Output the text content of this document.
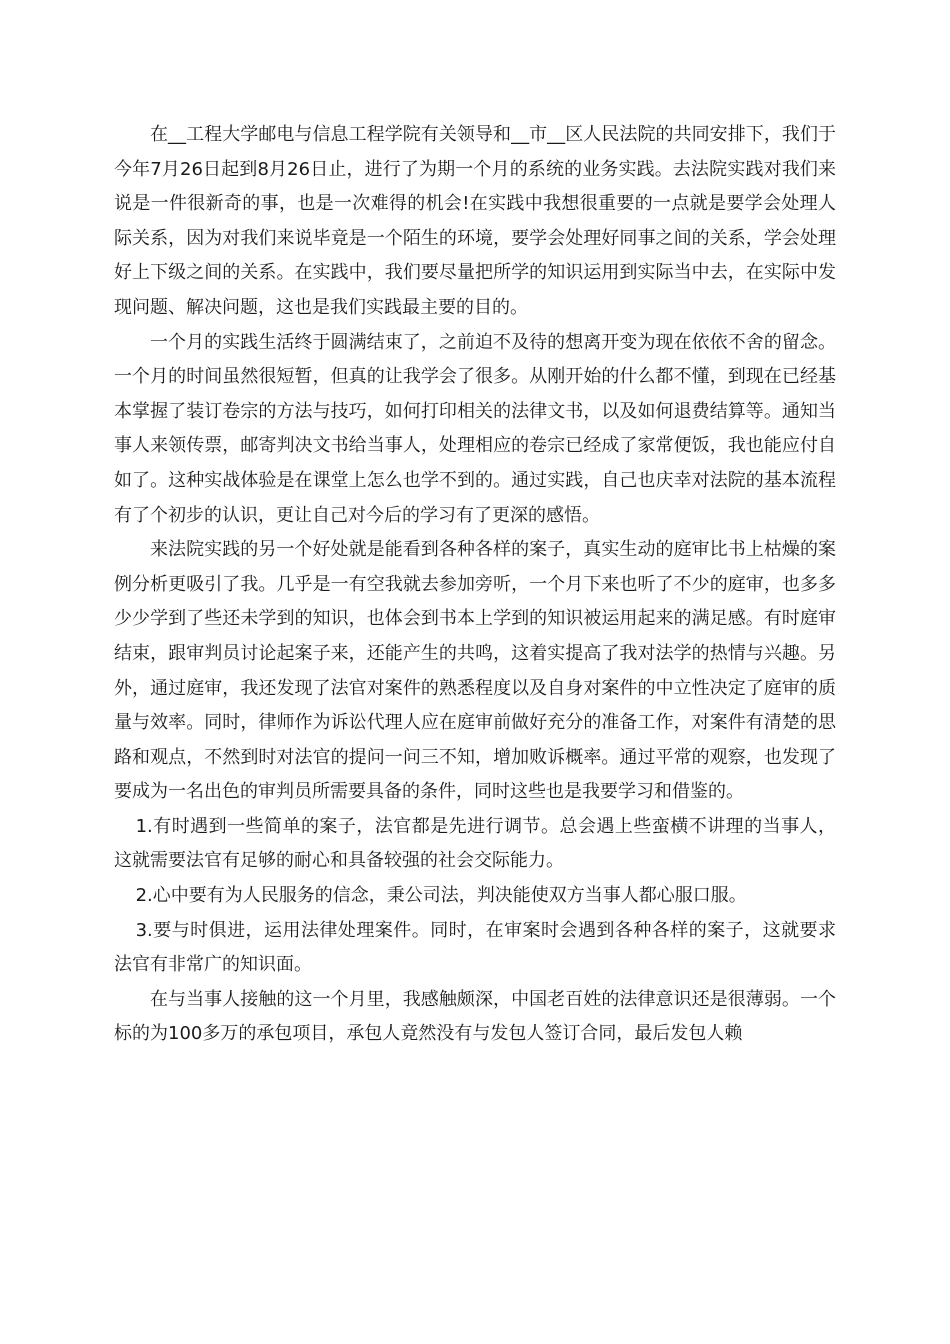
在__工程大学邮电与信息工程学院有关领导和__市__区人民法院的共同安排下，我们于今年7月26日起到8月26日止，进行了为期一个月的系统的业务实践。去法院实践对我们来说是一件很新奇的事，也是一次难得的机会!在实践中我想很重要的一点就是要学会处理人际关系，因为对我们来说毕竟是一个陌生的环境，要学会处理好同事之间的关系，学会处理好上下级之间的关系。在实践中，我们要尽量把所学的知识运用到实际当中去，在实际中发现问题、解决问题，这也是我们实践最主要的目的。

一个月的实践生活终于圆满结束了，之前迫不及待的想离开变为现在依依不舍的留念。一个月的时间虽然很短暂，但真的让我学会了很多。从刚开始的什么都不懂，到现在已经基本掌握了装订卷宗的方法与技巧，如何打印相关的法律文书，以及如何退费结算等。通知当事人来领传票，邮寄判决文书给当事人，处理相应的卷宗已经成了家常便饭，我也能应付自如了。这种实战体验是在课堂上怎么也学不到的。通过实践，自己也庆幸对法院的基本流程有了个初步的认识，更让自己对今后的学习有了更深的感悟。

来法院实践的另一个好处就是能看到各种各样的案子，真实生动的庭审比书上枯燥的案例分析更吸引了我。几乎是一有空我就去参加旁听，一个月下来也听了不少的庭审，也多多少少学到了些还未学到的知识，也体会到书本上学到的知识被运用起来的满足感。有时庭审结束，跟审判员讨论起案子来，还能产生的共鸣，这着实提高了我对法学的热情与兴趣。另外，通过庭审，我还发现了法官对案件的熟悉程度以及自身对案件的中立性决定了庭审的质量与效率。同时，律师作为诉讼代理人应在庭审前做好充分的准备工作，对案件有清楚的思路和观点，不然到时对法官的提问一问三不知，增加败诉概率。通过平常的观察，也发现了要成为一名出色的审判员所需要具备的条件，同时这些也是我要学习和借鉴的。

1.有时遇到一些简单的案子，法官都是先进行调节。总会遇上些蛮横不讲理的当事人，这就需要法官有足够的耐心和具备较强的社会交际能力。

2.心中要有为人民服务的信念，秉公司法，判决能使双方当事人都心服口服。

3.要与时俱进，运用法律处理案件。同时，在审案时会遇到各种各样的案子，这就要求法官有非常广的知识面。

在与当事人接触的这一个月里，我感触颇深，中国老百姓的法律意识还是很薄弱。一个标的为100多万的承包项目，承包人竟然没有与发包人签订合同，最后发包人赖
